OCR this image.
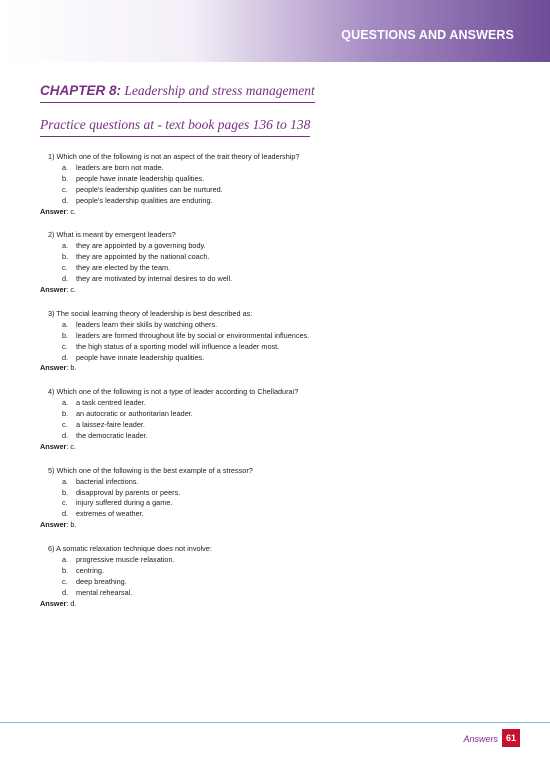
QUESTIONS AND ANSWERS
CHAPTER 8: Leadership and stress management
Practice questions at - text book pages 136 to 138
1) Which one of the following is not an aspect of the trait theory of leadership?
a.	leaders are born not made.
b.	people have innate leadership qualities.
c.	people’s leadership qualities can be nurtured.
d.	people’s leadership qualities are enduring.
Answer: c.
2) What is meant by emergent leaders?
a.	they are appointed by a governing body.
b.	they are appointed by the national coach.
c.	they are elected by the team.
d.	they are motivated by internal desires to do well.
Answer: c.
3) The social learning theory of leadership is best described as:
a.	leaders learn their skills by watching others.
b.	leaders are formed throughout life by social or environmental influences.
c.	the high status of a sporting model will influence a leader most.
d.	people have innate leadership qualities.
Answer: b.
4) Which one of the following is not a type of leader according to Chelladurai?
a.	a task centred leader.
b.	an autocratic or authoritarian leader.
c.	a laissez-faire leader.
d.	the democratic leader.
Answer: c.
5) Which one of the following is the best example of a stressor?
a.	bacterial infections.
b.	disapproval by parents or peers.
c.	injury suffered during a game.
d.	extremes of weather.
Answer: b.
6) A somatic relaxation technique does not involve:
a.	progressive muscle relaxation.
b.	centring.
c.	deep breathing.
d.	mental rehearsal.
Answer: d.
Answers 61
